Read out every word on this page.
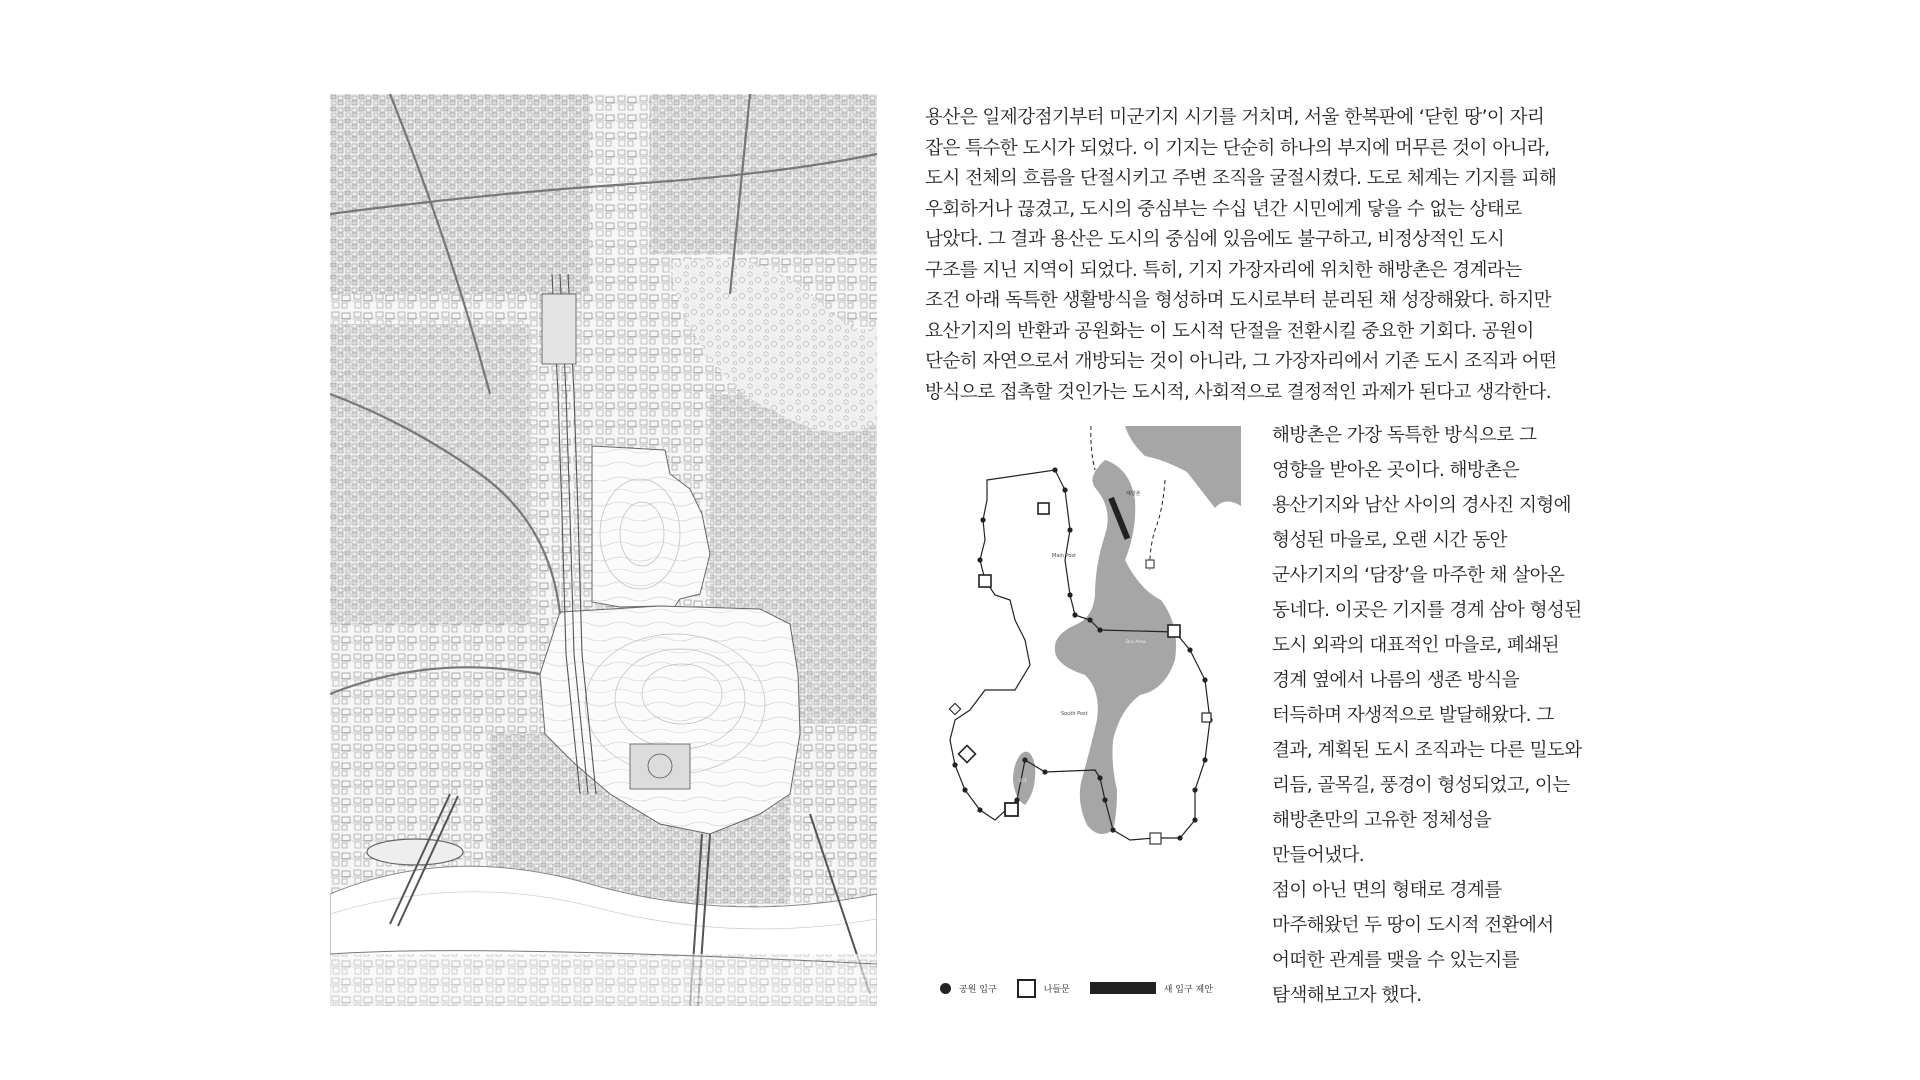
용산은 일제강점기부터 미군기지 시기를 거치며, 서울 한복판에 ‘닫힌 땅’이 자리
잡은 특수한 도시가 되었다. 이 기지는 단순히 하나의 부지에 머무른 것이 아니라,
도시 전체의 흐름을 단절시키고 주변 조직을 굴절시켰다. 도로 체계는 기지를 피해
우회하거나 끊겼고, 도시의 중심부는 수십 년간 시민에게 닿을 수 없는 상태로
남았다. 그 결과 용산은 도시의 중심에 있음에도 불구하고, 비정상적인 도시
구조를 지닌 지역이 되었다. 특히, 기지 가장자리에 위치한 해방촌은 경계라는
조건 아래 독특한 생활방식을 형성하며 도시로부터 분리된 채 성장해왔다. 하지만
요산기지의 반환과 공원화는 이 도시적 단절을 전환시킬 중요한 기회다. 공원이
단순히 자연으로서 개방되는 것이 아니라, 그 가장자리에서 기존 도시 조직과 어떤
방식으로 접촉할 것인가는 도시적, 사회적으로 결정적인 과제가 된다고 생각한다.

해방촌
Main Post
Bcs Area
South Post
보라
공원 입구	나들문	새 입구 제안

해방촌은 가장 독특한 방식으로 그
영향을 받아온 곳이다. 해방촌은
용산기지와 남산 사이의 경사진 지형에
형성된 마을로, 오랜 시간 동안
군사기지의 ‘담장’을 마주한 채 살아온
동네다. 이곳은 기지를 경계 삼아 형성된
도시 외곽의 대표적인 마을로, 폐쇄된
경계 옆에서 나름의 생존 방식을
터득하며 자생적으로 발달해왔다. 그
결과, 계획된 도시 조직과는 다른 밀도와
리듬, 골목길, 풍경이 형성되었고, 이는
해방촌만의 고유한 정체성을
만들어냈다.
점이 아닌 면의 형태로 경계를
마주해왔던 두 땅이 도시적 전환에서
어떠한 관계를 맺을 수 있는지를
탐색해보고자 했다.
